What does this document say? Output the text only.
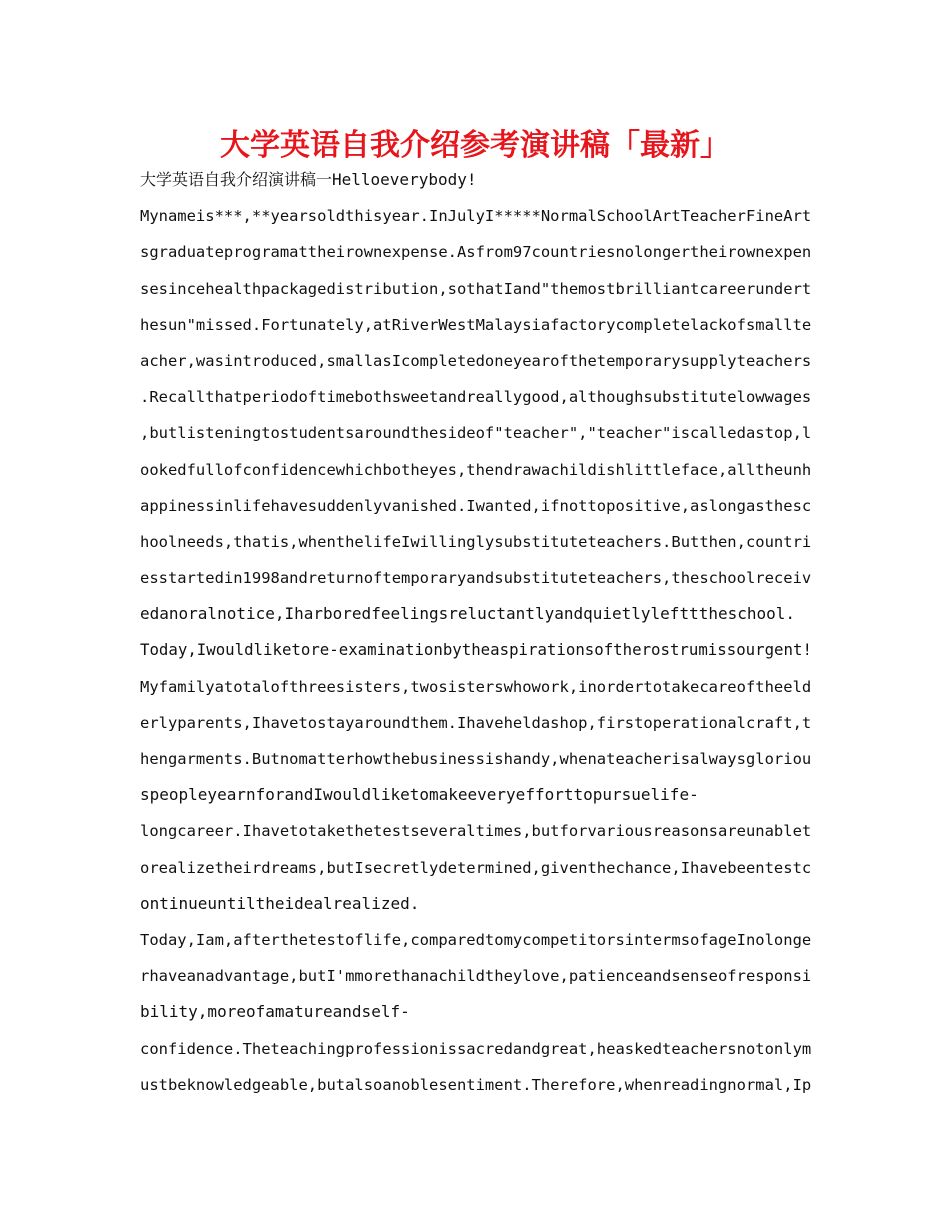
大学英语自我介绍参考演讲稿「最新」
大学英语自我介绍演讲稿一Helloeverybody!
Mynameis***,**yearsoldthisyear.InJulyI*****NormalSchoolArtTeacherFineArt
sgraduateprogramattheirownexpense.Asfrom97countriesnolongertheirownexpen
sesincehealthpackagedistribution,sothatIand"themostbrilliantcareerundert
hesun"missed.Fortunately,atRiverWestMalaysiafactorycompletelackofsmallte
acher,wasintroduced,smallasIcompletedoneyearofthetemporarysupplyteachers
.Recallthatperiodoftimebothsweetandreallygood,althoughsubstitutelowwages
,butlisteningtostudentsaroundthesideof"teacher","teacher"iscalledastop,l
ookedfullofconfidencewhichbotheyes,thendrawachildishlittleface,alltheunh
appinessinlifehavesuddenlyvanished.Iwanted,ifnottopositive,aslongasthesc
hoolneeds,thatis,whenthelifeIwillinglysubstituteteachers.Butthen,countri
esstartedin1998andreturnoftemporaryandsubstituteteachers,theschoolreceiv
edanoralnotice,Iharboredfeelingsreluctantlyandquietlyleftttheschool.
Today,Iwouldliketore-examinationbytheaspirationsoftherostrumissourgent!
Myfamilyatotalofthreesisters,twosisterswhowork,inordertotakecareoftheeld
erlyparents,Ihavetostayaroundthem.Ihaveheldashop,firstoperationalcraft,t
hengarments.Butnomatterhowthebusinessishandy,whenateacherisalwaysgloriou
speopleyearnforandIwouldliketomakeeveryefforttopursuelife-
longcareer.Ihavetotakethetestseveraltimes,butforvariousreasonsareunablet
orealizetheirdreams,butIsecretlydetermined,giventhechance,Ihavebeentestc
ontinueuntiltheidealrealized.
Today,Iam,afterthetestoflife,comparedtomycompetitorsintermsofageInolonge
rhaveanadvantage,butI'mmorethanachildtheylove,patienceandsenseofresponsi
bility,moreofamatureandself-
confidence.Theteachingprofessionissacredandgreat,heaskedteachersnotonlym
ustbeknowledgeable,butalsoanoblesentiment.Therefore,whenreadingnormal,Ip
